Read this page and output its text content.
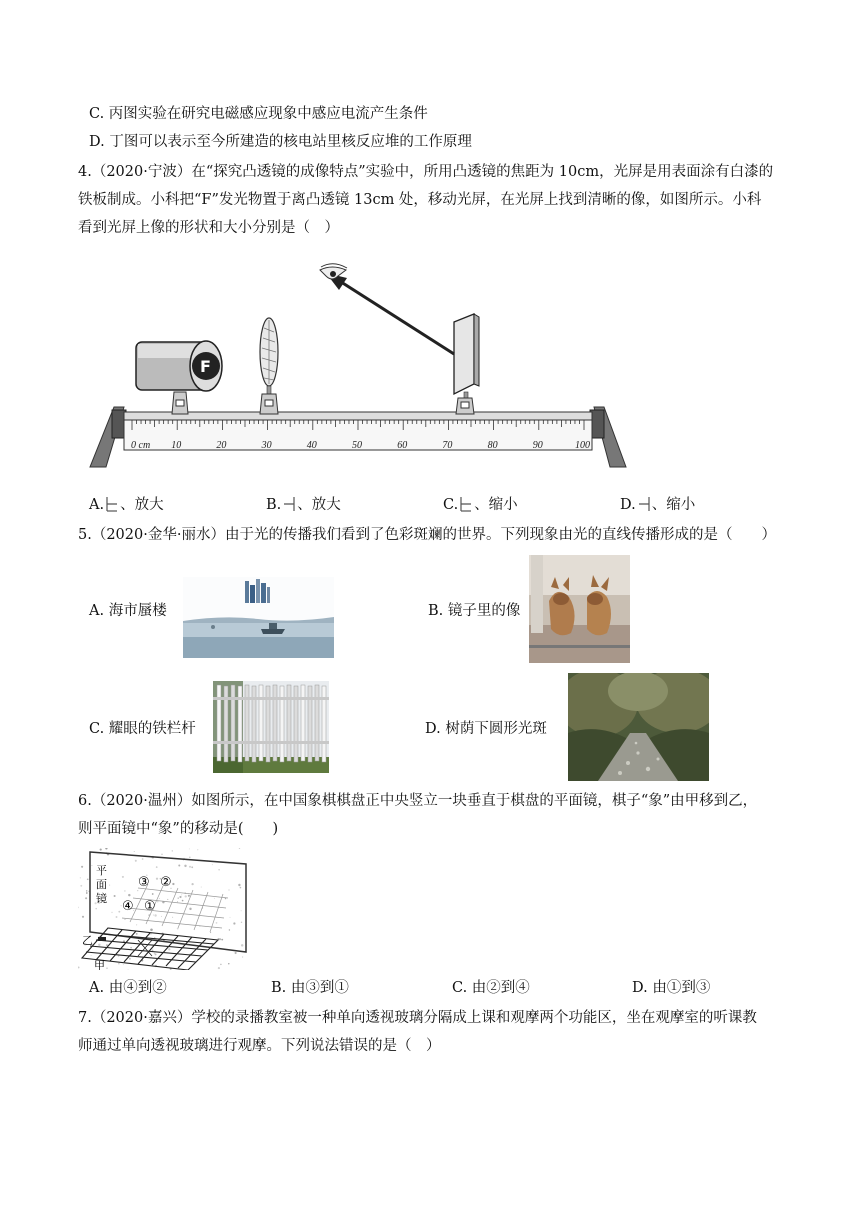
C. 丙图实验在研究电磁感应现象中感应电流产生条件
D. 丁图可以表示至今所建造的核电站里核反应堆的工作原理
4.（2020·宁波）在“探究凸透镜的成像特点”实验中，所用凸透镜的焦距为 10cm，光屏是用表面涂有白漆的
铁板制成。小科把“F”发光物置于离凸透镜 13cm 处，移动光屏，在光屏上找到清晰的像，如图所示。小科
看到光屏上像的形状和大小分别是（　）
0 cm 10	20	30	40	50	60	70	80	90	100
F
A. 、放大	B. 、放大	C. 、缩小	D. 、缩小
5.（2020·金华·丽水）由于光的传播我们看到了色彩斑斓的世界。下列现象由光的直线传播形成的是（　　）
A. 海市蜃楼	B. 镜子里的像
C. 耀眼的铁栏杆	D. 树荫下圆形光斑
6.（2020·温州）如图所示，在中国象棋棋盘正中央竖立一块垂直于棋盘的平面镜，棋子“象”由甲移到乙，
则平面镜中“象”的移动是(　　)
平
面
镜
③ ②
④ ①
乙
甲
A. 由④到②	B. 由③到①	C. 由②到④	D. 由①到③
7.（2020·嘉兴）学校的录播教室被一种单向透视玻璃分隔成上课和观摩两个功能区，坐在观摩室的听课教
师通过单向透视玻璃进行观摩。下列说法错误的是（　）
